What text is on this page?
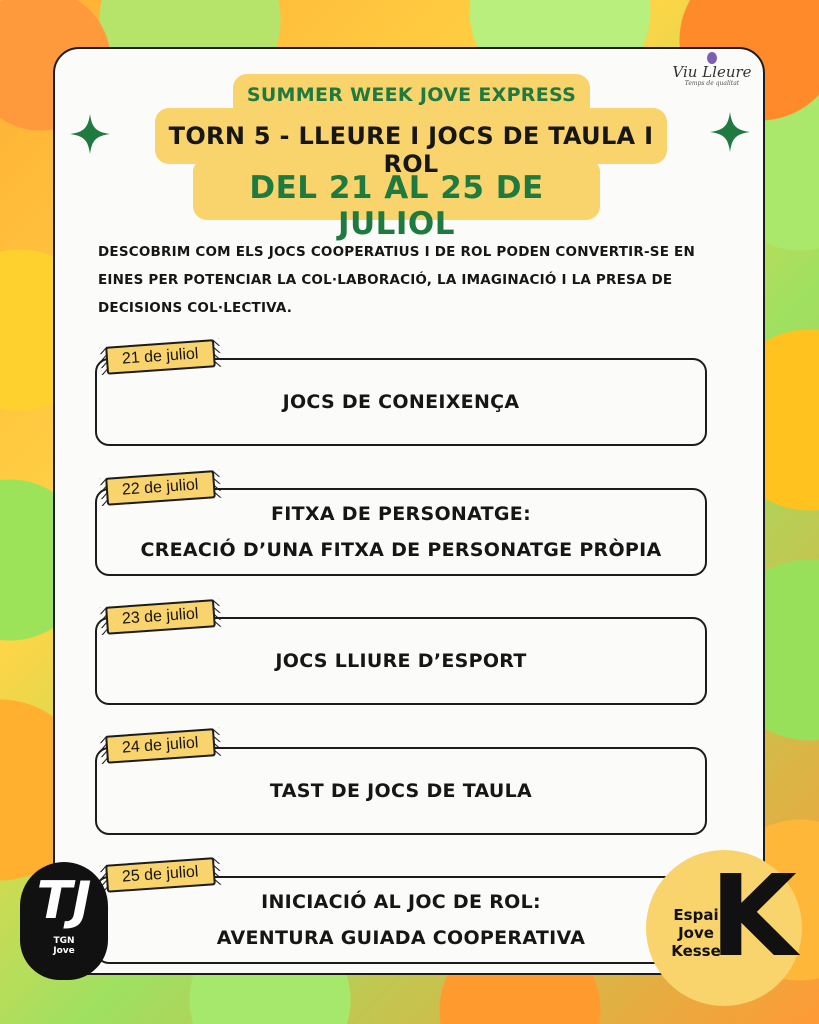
SUMMER WEEK JOVE EXPRESS
TORN 5 - LLEURE I JOCS DE TAULA I ROL
DEL 21 AL 25 DE JULIOL
Viu Lleure
Temps de qualitat
DESCOBRIM COM ELS JOCS COOPERATIUS I DE ROL PODEN CONVERTIR-SE EN EINES PER POTENCIAR LA COL·LABORACIÓ, LA IMAGINACIÓ I LA PRESA DE DECISIONS COL·LECTIVA.
JOCS DE CONEIXENÇA
21 de juliol
FITXA DE PERSONATGE:
CREACIÓ D’UNA FITXA DE PERSONATGE PRÒPIA
22 de juliol
JOCS LLIURE D’ESPORT
23 de juliol
TAST DE JOCS DE TAULA
24 de juliol
INICIACIÓ AL JOC DE ROL:
AVENTURA GUIADA COOPERATIVA
25 de juliol
TJ
TGN
Jove	K
Espai
Jove
Kesse
